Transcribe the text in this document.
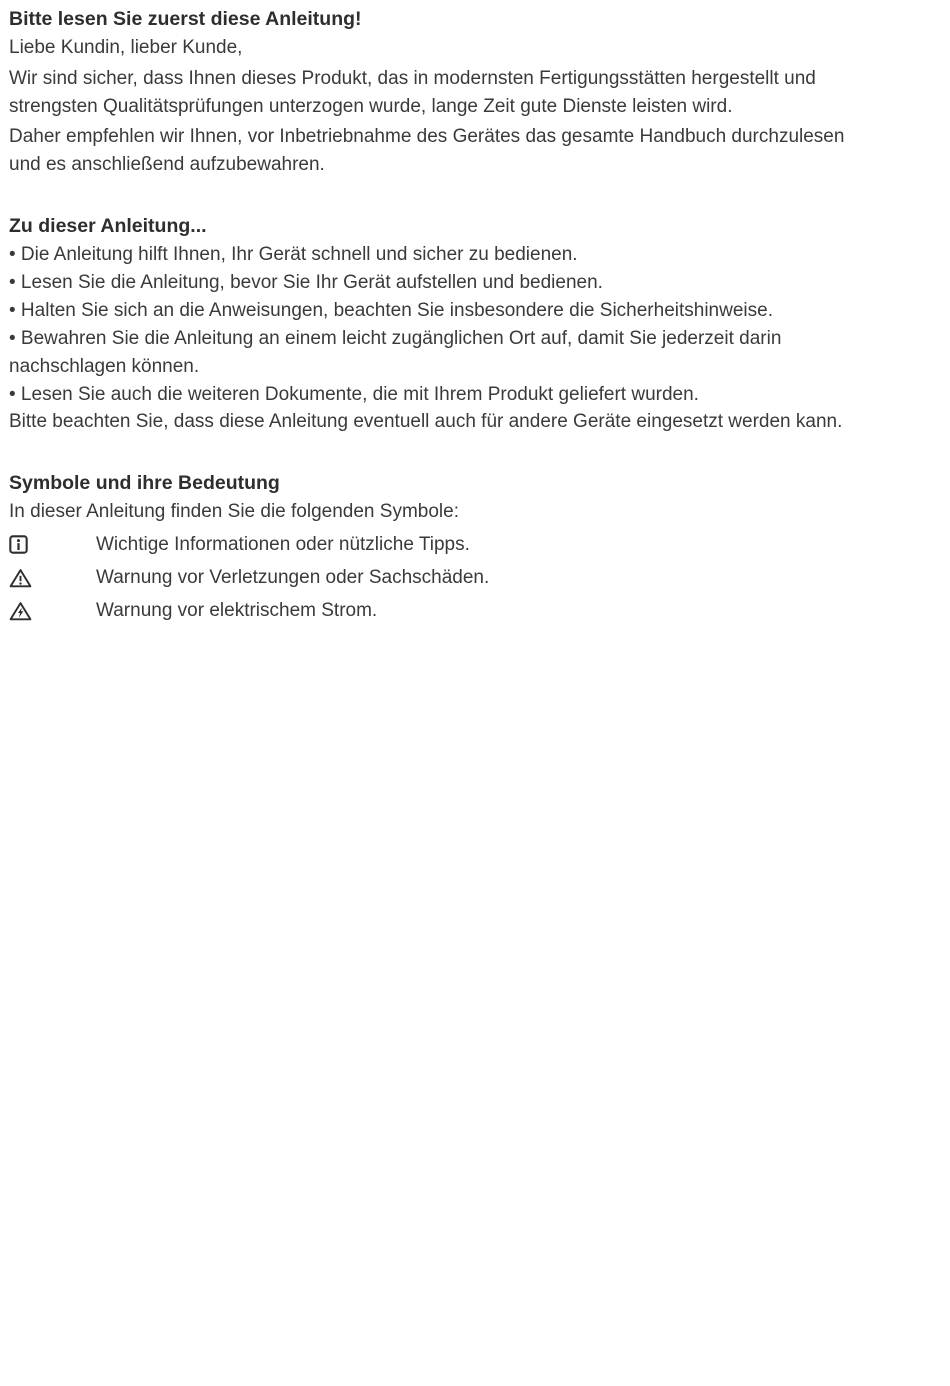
Bitte lesen Sie zuerst diese Anleitung!

Liebe Kundin, lieber Kunde,

Wir sind sicher, dass Ihnen dieses Produkt, das in modernsten Fertigungsstätten hergestellt und strengsten Qualitätsprüfungen unterzogen wurde, lange Zeit gute Dienste leisten wird.

Daher empfehlen wir Ihnen, vor Inbetriebnahme des Gerätes das gesamte Handbuch durchzulesen und es anschließend aufzubewahren.

Zu dieser Anleitung...

• Die Anleitung hilft Ihnen, Ihr Gerät schnell und sicher zu bedienen.

• Lesen Sie die Anleitung, bevor Sie Ihr Gerät aufstellen und bedienen.

• Halten Sie sich an die Anweisungen, beachten Sie insbesondere die Sicherheitshinweise.

• Bewahren Sie die Anleitung an einem leicht zugänglichen Ort auf, damit Sie jederzeit darin nachschlagen können.

• Lesen Sie auch die weiteren Dokumente, die mit Ihrem Produkt geliefert wurden.

Bitte beachten Sie, dass diese Anleitung eventuell auch für andere Geräte eingesetzt werden kann.

Symbole und ihre Bedeutung

In dieser Anleitung finden Sie die folgenden Symbole:

Wichtige Informationen oder nützliche Tipps.
Warnung vor Verletzungen oder Sachschäden.
Warnung vor elektrischem Strom.
